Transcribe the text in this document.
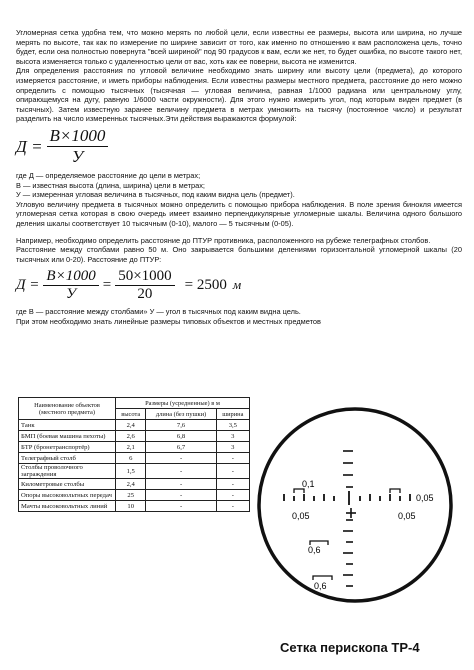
Угломерная сетка удобна тем, что можно мерять по любой цели, если известны ее размеры, высота или ширина, но лучше мерять по высоте, так как по измерение по ширине зависит от того, как именно по отношению к вам расположена цель, точно будет, если она полностью повернута "всей шириной" под 90 градусов к вам, если же нет, то будет ошибка, по высоте такого нет, высота изменяется только с удаленностью цели от вас, хоть как ее поверни, высота не изменится.

Для определения расстояния по угловой величине необходимо знать ширину или высоту цели (предмета), до которого измеряется расстояние, и иметь приборы наблюдения. Если известны размеры местного предмета, расстояние до него можно определить с помощью тысячных (тысячная — угловая величина, равная 1/1000 радиана или центральному углу, опирающемуся на дугу, равную 1/6000 части окружности). Для этого нужно измерить угол, под которым виден предмет (в тысячных). Затем известную заранее величину предмета в метрах умножить на тысячу (постоянное число) и результат разделить на число измеренных тысячных.Эти действия выражаются формулой:

$Д = \frac{В\times 1000}{У}$

где Д — определяемое расстояние до цели в метрах;

В — известная высота (длина, ширина) цели в метрах;

У — измеренная угловая величина в тысячных, под каким видна цель (предмет).

Угловую величину предмета в тысячных можно определить с помощью прибора наблюдения. В поле зрения бинокля имеется угломерная сетка которая в свою очередь имеет взаимно перпендикулярные угломерные шкалы. Величина одного большого деления шкалы соответствует 10 тысячным (0-10), малого — 5 тысячным (0-05).

Например, необходимо определить расстояние до ПТУР противника, расположенного на рубеже телеграфных столбов.

Расстояние между столбами равно 50 м. Оно закрывается большими делениями горизонтальной угломерной шкалы (20 тысячных или 0-20). Расстояние до ПТУР:

$Д = \frac{В\times 1000}{У} = \frac{50\times 1000}{20} = 2500$ м

где В — расстояние между столбами» У — угол в тысячных под каким видна цель.

При этом необходимо знать линейные размеры типовых объектов и местных предметов

Наименование объектов (местного предмета)	Размеры (усредненные) в м		
	высота	длина (без пушки)	ширина
Танк	2,4	7,6	3,5
БМП (боевая машина пехоты)	2,6	6,8	3
БТР (бронетранспортёр)	2,1	6,7	3
Телеграфный столб	6	-	-
Столбы проволочного заграждения	1,5	-	-
Километровые столбы	2,4	-	-
Опоры высоковольтных передач	25	-	-
Мачты высоковольтных линий	10	-	-
0,1
0,05
0,05
0,05
0,6
0,6
Сетка перископа ТР-4
